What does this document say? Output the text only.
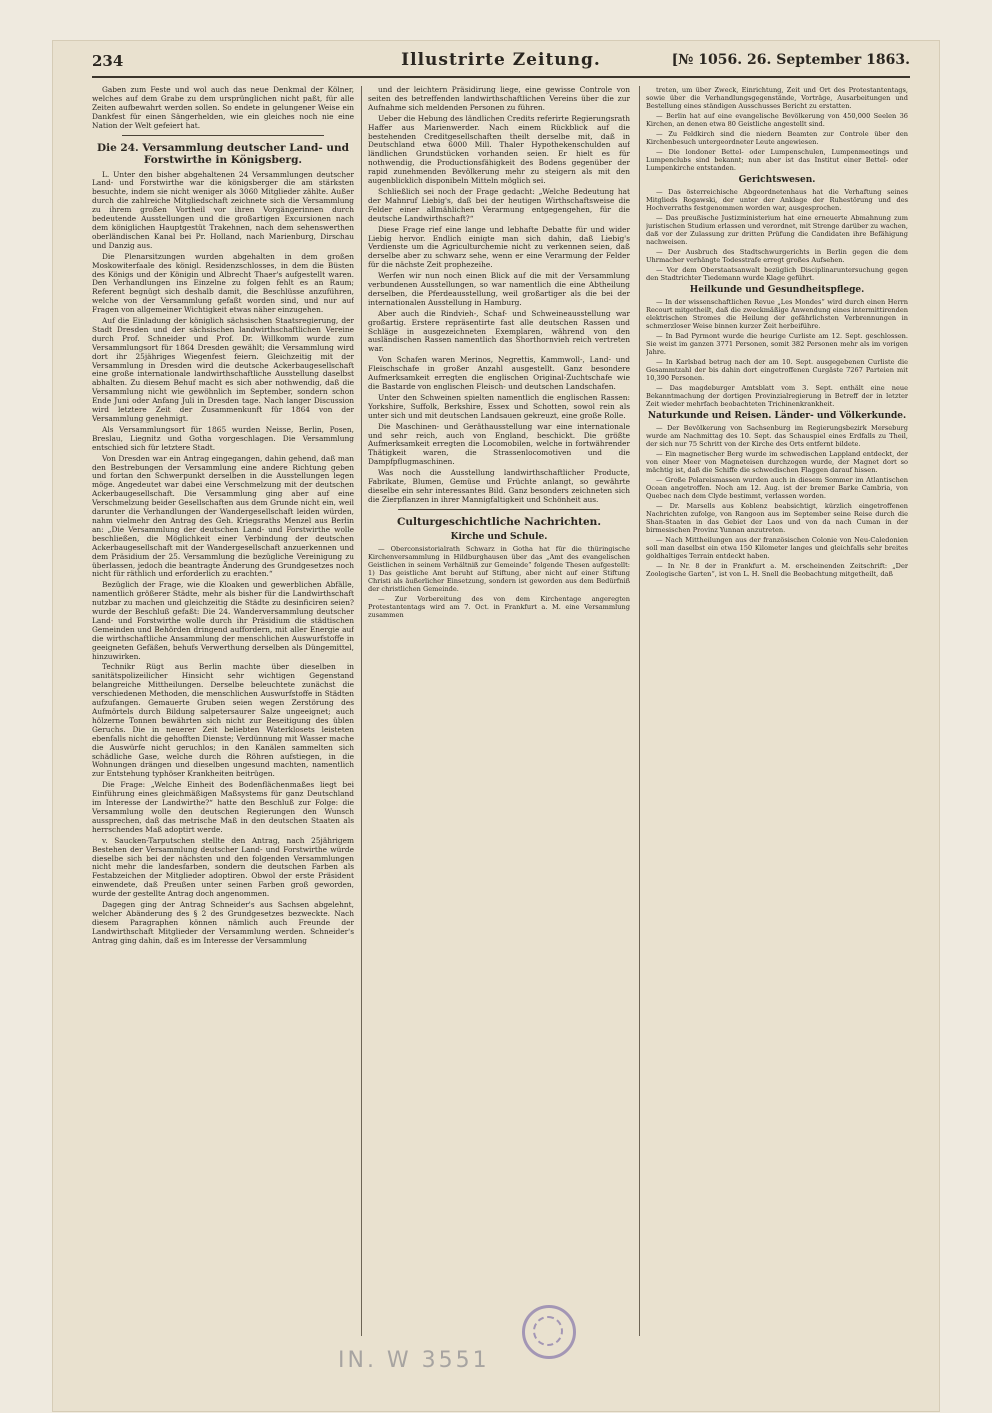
234	Illustrirte Zeitung.	[№ 1056. 26. September 1863.

Gaben zum Feste und wol auch das neue Denkmal der Kölner, welches auf dem Grabe zu dem ursprünglichen nicht paßt, für alle Zeiten aufbewahrt werden sollen. So endete in gelungener Weise ein Dankfest für einen Sängerhelden, wie ein gleiches noch nie eine Nation der Welt gefeiert hat.

Die 24. Versammlung deutscher Land- und Forstwirthe in Königsberg.

L. Unter den bisher abgehaltenen 24 Versammlungen deutscher Land- und Forstwirthe war die königsberger die am stärksten besuchte, indem sie nicht weniger als 3060 Mitglieder zählte. Außer durch die zahlreiche Mitgliedschaft zeichnete sich die Versammlung zu ihrem großen Vortheil vor ihren Vorgängerinnen durch bedeutende Ausstellungen und die großartigen Excursionen nach dem königlichen Hauptgestüt Trakehnen, nach dem sehenswerthen oberländischen Kanal bei Pr. Holland, nach Marienburg, Dirschau und Danzig aus.

Die Plenarsitzungen wurden abgehalten in dem großen Moskowiterfaale des königl. Residenzschlosses, in dem die Büsten des Königs und der Königin und Albrecht Thaer's aufgestellt waren. Den Verhandlungen ins Einzelne zu folgen fehlt es an Raum; Referent begnügt sich deshalb damit, die Beschlüsse anzuführen, welche von der Versammlung gefaßt worden sind, und nur auf Fragen von allgemeiner Wichtigkeit etwas näher einzugehen.

Auf die Einladung der königlich sächsischen Staatsregierung, der Stadt Dresden und der sächsischen landwirthschaftlichen Vereine durch Prof. Schneider und Prof. Dr. Willkomm wurde zum Versammlungsort für 1864 Dresden gewählt; die Versammlung wird dort ihr 25jähriges Wiegenfest feiern. Gleichzeitig mit der Versammlung in Dresden wird die deutsche Ackerbaugesellschaft eine große internationale landwirthschaftliche Ausstellung daselbst abhalten. Zu diesem Behuf macht es sich aber nothwendig, daß die Versammlung nicht wie gewöhnlich im September, sondern schon Ende Juni oder Anfang Juli in Dresden tage. Nach langer Discussion wird letztere Zeit der Zusammenkunft für 1864 von der Versammlung genehmigt.

Als Versammlungsort für 1865 wurden Neisse, Berlin, Posen, Breslau, Liegnitz und Gotha vorgeschlagen. Die Versammlung entschied sich für letztere Stadt.

Von Dresden war ein Antrag eingegangen, dahin gehend, daß man den Bestrebungen der Versammlung eine andere Richtung geben und fortan den Schwerpunkt derselben in die Ausstellungen legen möge. Angedeutet war dabei eine Verschmelzung mit der deutschen Ackerbaugesellschaft. Die Versammlung ging aber auf eine Verschmelzung beider Gesellschaften aus dem Grunde nicht ein, weil darunter die Verhandlungen der Wandergesellschaft leiden würden, nahm vielmehr den Antrag des Geh. Kriegsraths Menzel aus Berlin an: „Die Versammlung der deutschen Land- und Forstwirthe wolle beschließen, die Möglichkeit einer Verbindung der deutschen Ackerbaugesellschaft mit der Wandergesellschaft anzuerkennen und dem Präsidium der 25. Versammlung die bezügliche Vereinigung zu überlassen, jedoch die beantragte Änderung des Grundgesetzes noch nicht für räthlich und erforderlich zu erachten.“

Bezüglich der Frage, wie die Kloaken und gewerblichen Abfälle, namentlich größerer Städte, mehr als bisher für die Landwirthschaft nutzbar zu machen und gleichzeitig die Städte zu desinficiren seien? wurde der Beschluß gefaßt: Die 24. Wanderversammlung deutscher Land- und Forstwirthe wolle durch ihr Präsidium die städtischen Gemeinden und Behörden dringend auffordern, mit aller Energie auf die wirthschaftliche Ansammlung der menschlichen Auswurfstoffe in geeigneten Gefäßen, behufs Verwerthung derselben als Düngemittel, hinzuwirken.

Technikr Rügt aus Berlin machte über dieselben in sanitätspolizeilicher Hinsicht sehr wichtigen Gegenstand belangreiche Mittheilungen. Derselbe beleuchtete zunächst die verschiedenen Methoden, die menschlichen Auswurfstoffe in Städten aufzufangen. Gemauerte Gruben seien wegen Zerstörung des Aufmörtels durch Bildung salpetersaurer Salze ungeeignet; auch hölzerne Tonnen bewährten sich nicht zur Beseitigung des üblen Geruchs. Die in neuerer Zeit beliebten Waterklosets leisteten ebenfalls nicht die gehofften Dienste; Verdünnung mit Wasser mache die Auswürfe nicht geruchlos; in den Kanälen sammelten sich schädliche Gase, welche durch die Röhren aufstiegen, in die Wohnungen drängen und dieselben ungesund machten, namentlich zur Entstehung typhöser Krankheiten beitrügen.

Die Frage: „Welche Einheit des Bodenflächenmaßes liegt bei Einführung eines gleichmäßigen Maßsystems für ganz Deutschland im Interesse der Landwirthe?“ hatte den Beschluß zur Folge: die Versammlung wolle den deutschen Regierungen den Wunsch aussprechen, daß das metrische Maß in den deutschen Staaten als herrschendes Maß adoptirt werde.

v. Saucken-Tarputschen stellte den Antrag, nach 25jährigem Bestehen der Versammlung deutscher Land- und Forstwirthe würde dieselbe sich bei der nächsten und den folgenden Versammlungen nicht mehr die landesfarben, sondern die deutschen Farben als Festabzeichen der Mitglieder adoptiren. Obwol der erste Präsident einwendete, daß Preußen unter seinen Farben groß geworden, wurde der gestellte Antrag doch angenommen.

Dagegen ging der Antrag Schneider's aus Sachsen abgelehnt, welcher Abänderung des § 2 des Grundgesetzes bezweckte. Nach diesem Paragraphen können nämlich auch Freunde der Landwirthschaft Mitglieder der Versammlung werden. Schneider's Antrag ging dahin, daß es im Interesse der Versammlung

und der leichtern Präsidirung liege, eine gewisse Controle von seiten des betreffenden landwirthschaftlichen Vereins über die zur Aufnahme sich meldenden Personen zu führen.

Ueber die Hebung des ländlichen Credits referirte Regierungsrath Haffer aus Marienwerder. Nach einem Rückblick auf die bestehenden Creditgesellschaften theilt derselbe mit, daß in Deutschland etwa 6000 Mill. Thaler Hypothekenschulden auf ländlichen Grundstücken vorhanden seien. Er hielt es für nothwendig, die Productionsfähigkeit des Bodens gegenüber der rapid zunehmenden Bevölkerung mehr zu steigern als mit den augenblicklich disponibeln Mitteln möglich sei.

Schließlich sei noch der Frage gedacht: „Welche Bedeutung hat der Mahnruf Liebig's, daß bei der heutigen Wirthschaftsweise die Felder einer allmählichen Verarmung entgegengehen, für die deutsche Landwirthschaft?“

Diese Frage rief eine lange und lebhafte Debatte für und wider Liebig hervor. Endlich einigte man sich dahin, daß Liebig's Verdienste um die Agriculturchemie nicht zu verkennen seien, daß derselbe aber zu schwarz sehe, wenn er eine Verarmung der Felder für die nächste Zeit prophezeihe.

Werfen wir nun noch einen Blick auf die mit der Versammlung verbundenen Ausstellungen, so war namentlich die eine Abtheilung derselben, die Pferdeausstellung, weil großartiger als die bei der internationalen Ausstellung in Hamburg.

Aber auch die Rindvieh-, Schaf- und Schweineausstellung war großartig. Erstere repräsentirte fast alle deutschen Rassen und Schläge in ausgezeichneten Exemplaren, während von den ausländischen Rassen namentlich das Shorthornvieh reich vertreten war.

Von Schafen waren Merinos, Negrettis, Kammwoll-, Land- und Fleischschafe in großer Anzahl ausgestellt. Ganz besondere Aufmerksamkeit erregten die englischen Original-Zuchtschafe wie die Bastarde von englischen Fleisch- und deutschen Landschafen.

Unter den Schweinen spielten namentlich die englischen Rassen: Yorkshire, Suffolk, Berkshire, Essex und Schotten, sowol rein als unter sich und mit deutschen Landsauen gekreuzt, eine große Rolle.

Die Maschinen- und Geräthausstellung war eine internationale und sehr reich, auch von England, beschickt. Die größte Aufmerksamkeit erregten die Locomobilen, welche in fortwährender Thätigkeit waren, die Strassenlocomotiven und die Dampfpflugmaschinen.

Was noch die Ausstellung landwirthschaftlicher Producte, Fabrikate, Blumen, Gemüse und Früchte anlangt, so gewährte dieselbe ein sehr interessantes Bild. Ganz besonders zeichneten sich die Zierpflanzen in ihrer Mannigfaltigkeit und Schönheit aus.

Culturgeschichtliche Nachrichten.
Kirche und Schule.

— Oberconsistorialrath Schwarz in Gotha hat für die thüringische Kirchenversammlung in Hildburghausen über das „Amt des evangelischen Geistlichen in seinem Verhältniß zur Gemeinde“ folgende Thesen aufgestellt: 1) Das geistliche Amt beruht auf Stiftung, aber nicht auf einer Stiftung Christi als äußerlicher Einsetzung, sondern ist geworden aus dem Bedürfniß der christlichen Gemeinde.

— Zur Vorbereitung des von dem Kirchentage angeregten Protestantentags wird am 7. Oct. in Frankfurt a. M. eine Versammlung zusammen

treten, um über Zweck, Einrichtung, Zeit und Ort des Protestantentags, sowie über die Verhandlungsgegenstände, Vorträge, Ausarbeitungen und Bestellung eines ständigen Ausschusses Bericht zu erstatten.

— Berlin hat auf eine evangelische Bevölkerung von 450,000 Seelen 36 Kirchen, an denen etwa 80 Geistliche angestellt sind.

— Zu Feldkirch sind die niedern Beamten zur Controle über den Kirchenbesuch untergeordneter Leute angewiesen.

— Die londoner Bettel- oder Lumpenschulen, Lumpenmeetings und Lumpenclubs sind bekannt; nun aber ist das Institut einer Bettel- oder Lumpenkirche entstanden.

Gerichtswesen.

— Das österreichische Abgeordnetenhaus hat die Verhaftung seines Mitglieds Rogawski, der unter der Anklage der Ruhestörung und des Hochverraths festgenommen worden war, ausgesprochen.

— Das preußische Justizministerium hat eine erneuerte Abmahnung zum juristischen Studium erlassen und verordnet, mit Strenge darüber zu wachen, daß vor der Zulassung zur dritten Prüfung die Candidaten ihre Befähigung nachweisen.

— Der Ausbruch des Stadtschwurgerichts in Berlin gegen die dem Uhrmacher verhängte Todesstrafe erregt großes Aufsehen.

— Vor dem Oberstaatsanwalt bezüglich Disciplinaruntersuchung gegen den Stadtrichter Tiedemann wurde Klage geführt.

Heilkunde und Gesundheitspflege.

— In der wissenschaftlichen Revue „Les Mondes“ wird durch einen Herrn Recourt mitgetheilt, daß die zweckmäßige Anwendung eines intermittirenden elektrischen Stromes die Heilung der gefährlichsten Verbrennungen in schmerzloser Weise binnen kurzer Zeit herbeiführe.

— In Bad Pyrmont wurde die heurige Curliste am 12. Sept. geschlossen. Sie weist im ganzen 3771 Personen, somit 382 Personen mehr als im vorigen Jahre.

— In Karlsbad betrug nach der am 10. Sept. ausgegebenen Curliste die Gesammtzahl der bis dahin dort eingetroffenen Curgäste 7267 Parteien mit 10,390 Personen.

— Das magdeburger Amtsblatt vom 3. Sept. enthält eine neue Bekanntmachung der dortigen Provinzialregierung in Betreff der in letzter Zeit wieder mehrfach beobachteten Trichinenkrankheit.

Naturkunde und Reisen. Länder- und Völkerkunde.

— Der Bevölkerung von Sachsenburg im Regierungsbezirk Merseburg wurde am Nachmittag des 10. Sept. das Schauspiel eines Erdfalls zu Theil, der sich nur 75 Schritt von der Kirche des Orts entfernt bildete.

— Ein magnetischer Berg wurde im schwedischen Lappland entdeckt, der von einer Meer von Magneteisen durchzogen wurde, der Magnet dort so mächtig ist, daß die Schiffe die schwedischen Flaggen darauf hissen.

— Große Polareismassen wurden auch in diesem Sommer im Atlantischen Ocean angetroffen. Noch am 12. Aug. ist der bremer Barke Cambria, von Quebec nach dem Clyde bestimmt, verlassen worden.

— Dr. Marsells aus Koblenz beabsichtigt, kürzlich eingetroffenen Nachrichten zufolge, von Rangoon aus im September seine Reise durch die Shan-Staaten in das Gebiet der Laos und von da nach Cuman in der birmesischen Provinz Yunnan anzutreten.

— Nach Mittheilungen aus der französischen Colonie von Neu-Caledonien soll man daselbst ein etwa 150 Kilometer langes und gleichfalls sehr breites goldhaltiges Terrain entdeckt haben.

— In Nr. 8 der in Frankfurt a. M. erscheinenden Zeitschrift: „Der Zoologische Garten“, ist von L. H. Snell die Beobachtung mitgetheilt, daß

IN. W 3551
